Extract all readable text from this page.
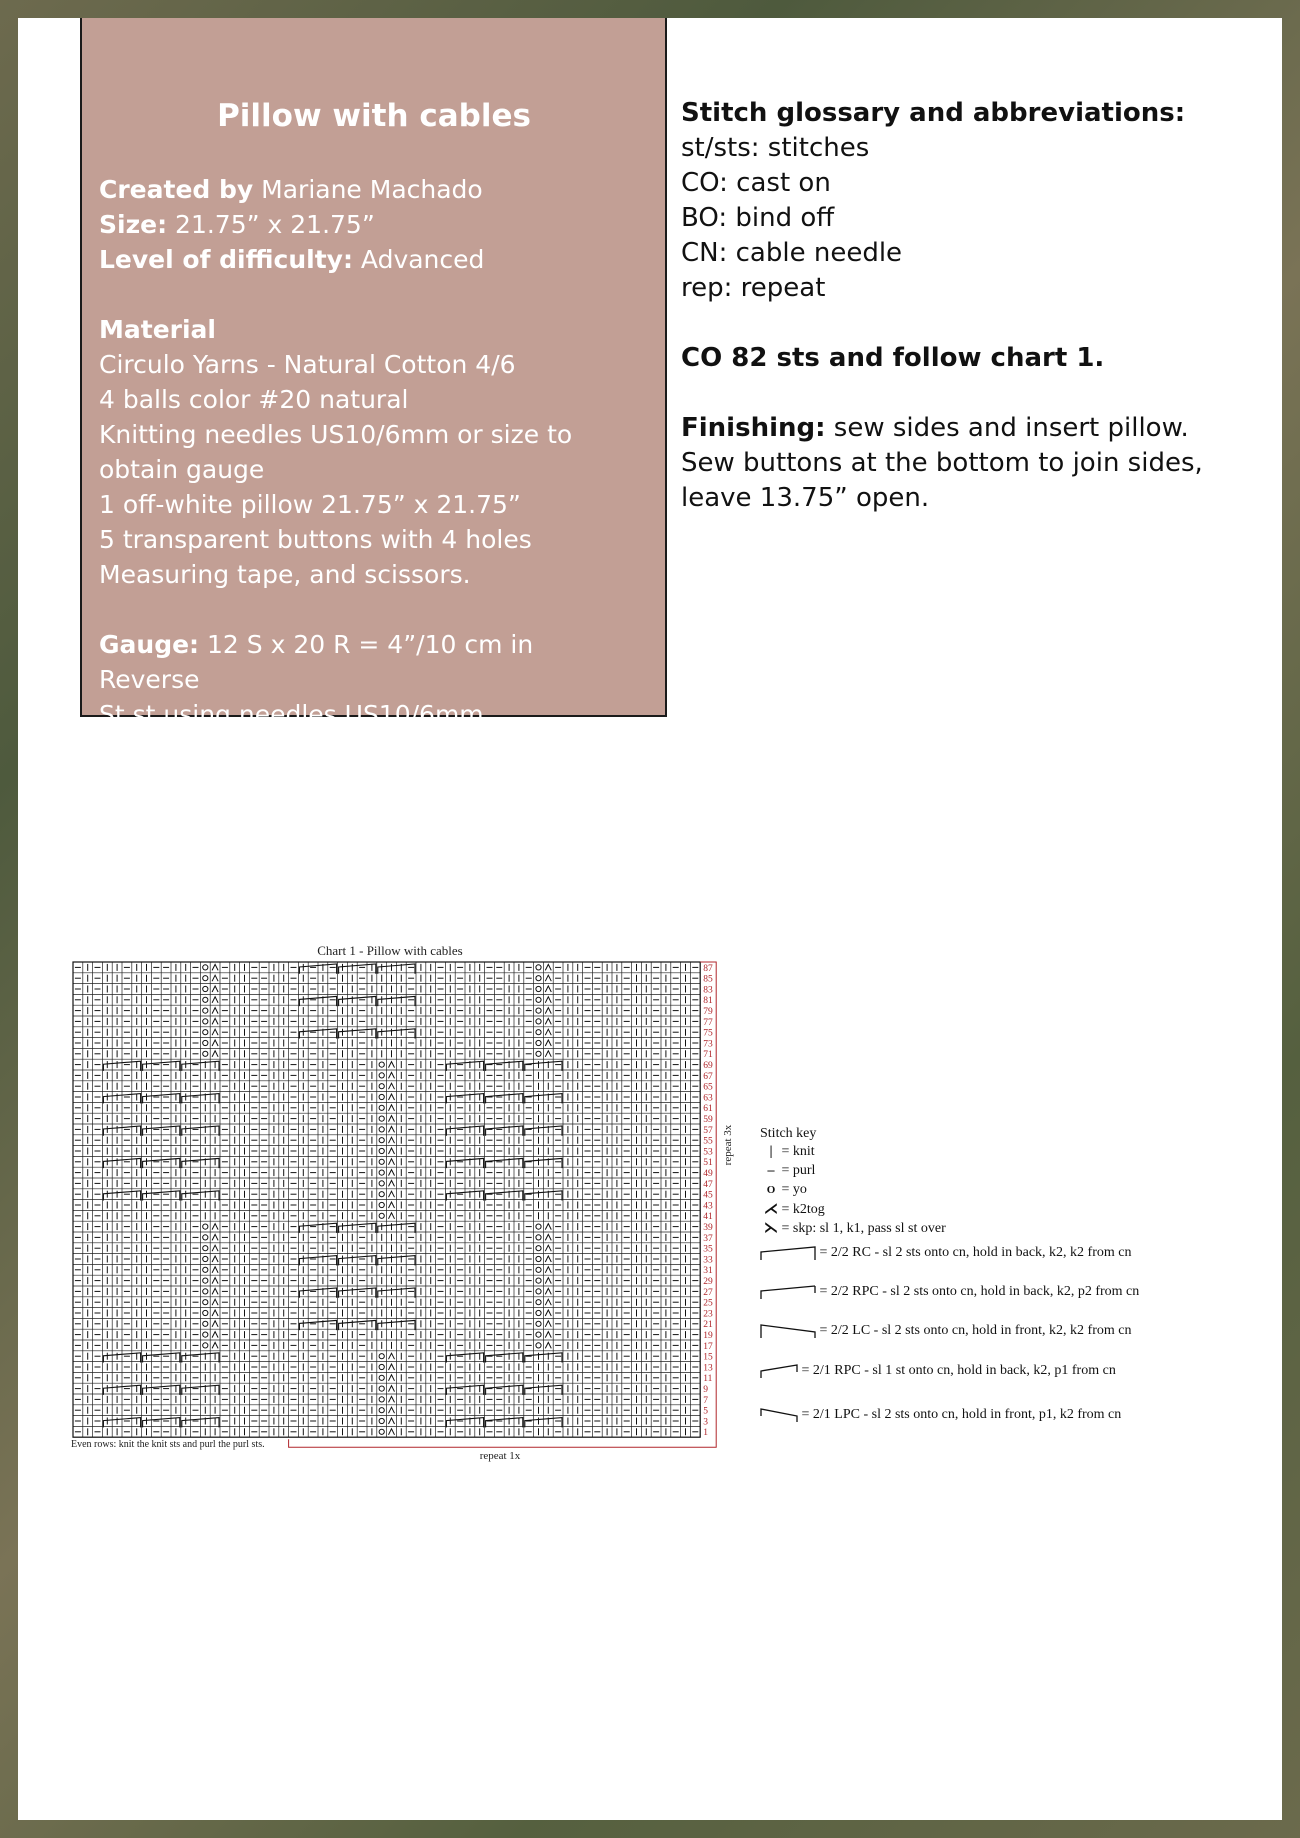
Pillow with cables
Created by Mariane Machado
Size: 21.75” x 21.75”
Level of difficulty: Advanced
Material
Circulo Yarns - Natural Cotton 4/6
4 balls color #20 natural
Knitting needles US10/6mm or size to
obtain gauge
1 off-white pillow 21.75” x 21.75”
5 transparent buttons with 4 holes
Measuring tape, and scissors.
Gauge: 12 S x 20 R = 4”/10 cm in Reverse
St st using needles US10/6mm.
Stitch glossary and abbreviations:
st/sts: stitches
CO: cast on
BO: bind off
CN: cable needle
rep: repeat
CO 82 sts and follow chart 1.
Finishing: sew sides and insert pillow.
Sew buttons at the bottom to join sides,
leave 13.75” open.
Chart 1 - Pillow with cables
87
85
83
81
79
77
75
73
71
69
67
65
63
61
59
57
55
53
51
49
47
45
43
41
39
37
35
33
31
29
27
25
23
21
19
17
15
13
11
9
7
5
3
1
Even rows: knit the knit sts and purl the purl sts.
repeat 1x
repeat 3x Stitch key
| = knit
– = purl
O = yo
⋌ = k2tog
⋋ = skp: sl 1, k1, pass sl st over
= 2/2 RC - sl 2 sts onto cn, hold in back, k2, k2 from cn
= 2/2 RPC - sl 2 sts onto cn, hold in back, k2, p2 from cn
= 2/2 LC - sl 2 sts onto cn, hold in front, k2, k2 from cn
= 2/1 RPC - sl 1 st onto cn, hold in back, k2, p1 from cn
= 2/1 LPC - sl 2 sts onto cn, hold in front, p1, k2 from cn
